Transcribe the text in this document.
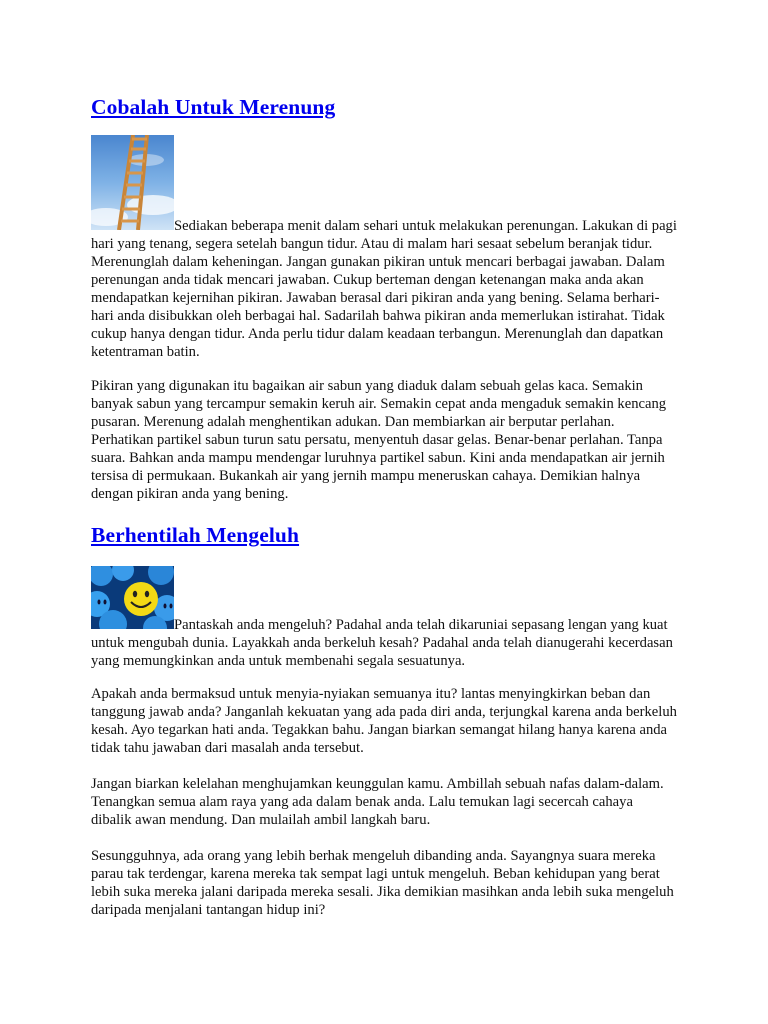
Cobalah Untuk Merenung

Sediakan beberapa menit dalam sehari untuk melakukan perenungan. Lakukan di pagi hari yang tenang, segera setelah bangun tidur. Atau di malam hari sesaat sebelum beranjak tidur. Merenunglah dalam keheningan. Jangan gunakan pikiran untuk mencari berbagai jawaban. Dalam perenungan anda tidak mencari jawaban. Cukup berteman dengan ketenangan maka anda akan mendapatkan kejernihan pikiran. Jawaban berasal dari pikiran anda yang bening. Selama berhari-hari anda disibukkan oleh berbagai hal. Sadarilah bahwa pikiran anda memerlukan istirahat. Tidak cukup hanya dengan tidur. Anda perlu tidur dalam keadaan terbangun. Merenunglah dan dapatkan ketentraman batin.

Pikiran yang digunakan itu bagaikan air sabun yang diaduk dalam sebuah gelas kaca. Semakin banyak sabun yang tercampur semakin keruh air. Semakin cepat anda mengaduk semakin kencang pusaran. Merenung adalah menghentikan adukan. Dan membiarkan air berputar perlahan. Perhatikan partikel sabun turun satu persatu, menyentuh dasar gelas. Benar-benar perlahan. Tanpa suara. Bahkan anda mampu mendengar luruhnya partikel sabun. Kini anda mendapatkan air jernih tersisa di permukaan. Bukankah air yang jernih mampu meneruskan cahaya. Demikian halnya dengan pikiran anda yang bening.

Berhentilah Mengeluh

Pantaskah anda mengeluh? Padahal anda telah dikaruniai sepasang lengan yang kuat untuk mengubah dunia. Layakkah anda berkeluh kesah? Padahal anda telah dianugerahi kecerdasan yang memungkinkan anda untuk membenahi segala sesuatunya.

Apakah anda bermaksud untuk menyia-nyiakan semuanya itu? lantas menyingkirkan beban dan tanggung jawab anda? Janganlah kekuatan yang ada pada diri anda, terjungkal karena anda berkeluh kesah. Ayo tegarkan hati anda. Tegakkan bahu. Jangan biarkan semangat hilang hanya karena anda tidak tahu jawaban dari masalah anda tersebut.

Jangan biarkan kelelahan menghujamkan keunggulan kamu. Ambillah sebuah nafas dalam-dalam. Tenangkan semua alam raya yang ada dalam benak anda. Lalu temukan lagi secercah cahaya dibalik awan mendung. Dan mulailah ambil langkah baru.

Sesungguhnya, ada orang yang lebih berhak mengeluh dibanding anda. Sayangnya suara mereka parau tak terdengar, karena mereka tak sempat lagi untuk mengeluh. Beban kehidupan yang berat lebih suka mereka jalani daripada mereka sesali. Jika demikian masihkan anda lebih suka mengeluh daripada menjalani tantangan hidup ini?
